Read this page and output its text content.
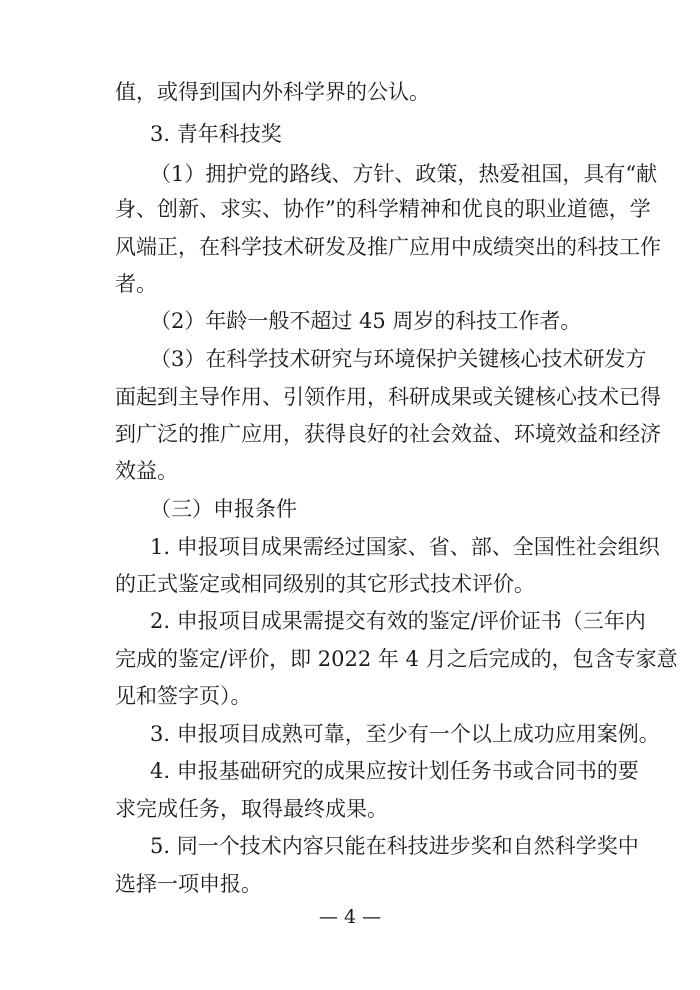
值，或得到国内外科学界的公认。
3. 青年科技奖
（1）拥护党的路线、方针、政策，热爱祖国，具有“献
身、创新、求实、协作”的科学精神和优良的职业道德，学
风端正，在科学技术研发及推广应用中成绩突出的科技工作
者。
（2）年龄一般不超过 45 周岁的科技工作者。
（3）在科学技术研究与环境保护关键核心技术研发方
面起到主导作用、引领作用，科研成果或关键核心技术已得
到广泛的推广应用，获得良好的社会效益、环境效益和经济
效益。
（三）申报条件
1. 申报项目成果需经过国家、省、部、全国性社会组织
的正式鉴定或相同级别的其它形式技术评价。
2. 申报项目成果需提交有效的鉴定/评价证书（三年内
完成的鉴定/评价，即 2022 年 4 月之后完成的，包含专家意
见和签字页）。
3. 申报项目成熟可靠，至少有一个以上成功应用案例。
4. 申报基础研究的成果应按计划任务书或合同书的要
求完成任务，取得最终成果。
5. 同一个技术内容只能在科技进步奖和自然科学奖中
选择一项申报。
— 4 —
